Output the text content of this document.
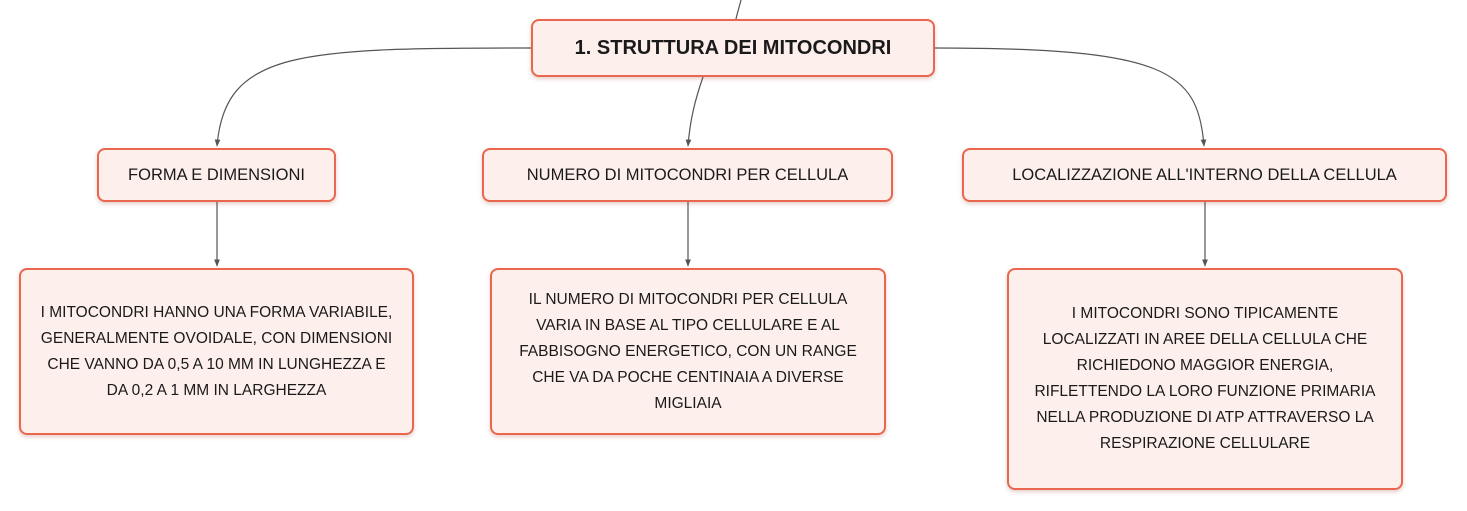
1. STRUTTURA DEI MITOCONDRI
FORMA E DIMENSIONI	NUMERO DI MITOCONDRI PER CELLULA	LOCALIZZAZIONE ALL'INTERNO DELLA CELLULA
I MITOCONDRI HANNO UNA FORMA VARIABILE, GENERALMENTE OVOIDALE, CON DIMENSIONI CHE VANNO DA 0,5 A 10 MM IN LUNGHEZZA E DA 0,2 A 1 MM IN LARGHEZZA
IL NUMERO DI MITOCONDRI PER CELLULA VARIA IN BASE AL TIPO CELLULARE E AL FABBISOGNO ENERGETICO, CON UN RANGE CHE VA DA POCHE CENTINAIA A DIVERSE MIGLIAIA
I MITOCONDRI SONO TIPICAMENTE LOCALIZZATI IN AREE DELLA CELLULA CHE RICHIEDONO MAGGIOR ENERGIA, RIFLETTENDO LA LORO FUNZIONE PRIMARIA NELLA PRODUZIONE DI ATP ATTRAVERSO LA RESPIRAZIONE CELLULARE
